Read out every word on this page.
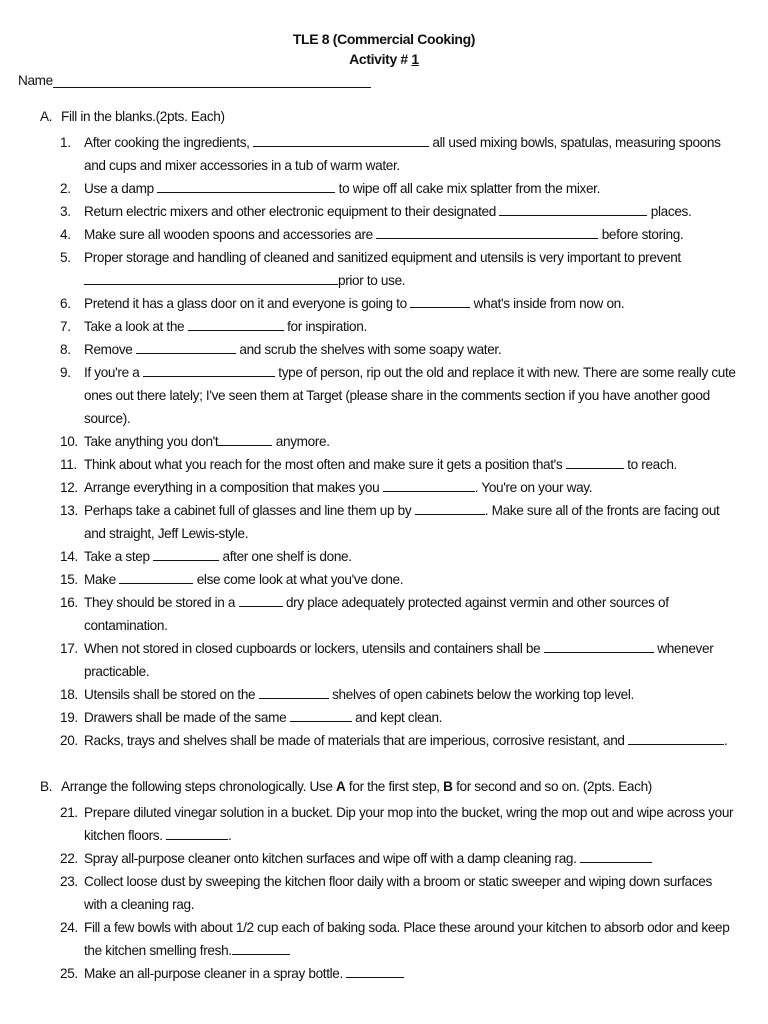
TLE 8 (Commercial Cooking)
Activity # 1
Name
A. Fill in the blanks.(2pts. Each)
1. After cooking the ingredients,	all used mixing bowls, spatulas, measuring spoons and cups and mixer accessories in a tub of warm water.
2. Use a damp	to wipe off all cake mix splatter from the mixer.
3. Return electric mixers and other electronic equipment to their designated	places.
4. Make sure all wooden spoons and accessories are	before storing.
5. Proper storage and handling of cleaned and sanitized equipment and utensils is very important to prevent prior to use.
6. Pretend it has a glass door on it and everyone is going to	what's inside from now on.
7. Take a look at the	for inspiration.
8. Remove	and scrub the shelves with some soapy water.
9. If you're a	type of person, rip out the old and replace it with new. There are some really cute ones out there lately; I've seen them at Target (please share in the comments section if you have another good source).
10. Take anything you don't	anymore.
11. Think about what you reach for the most often and make sure it gets a position that's	to reach.
12. Arrange everything in a composition that makes you	. You're on your way.
13. Perhaps take a cabinet full of glasses and line them up by	. Make sure all of the fronts are facing out and straight, Jeff Lewis-style.
14. Take a step	after one shelf is done.
15. Make	else come look at what you've done.
16. They should be stored in a	dry place adequately protected against vermin and other sources of contamination.
17. When not stored in closed cupboards or lockers, utensils and containers shall be	whenever practicable.
18. Utensils shall be stored on the	shelves of open cabinets below the working top level.
19. Drawers shall be made of the same	and kept clean.
20. Racks, trays and shelves shall be made of materials that are imperious, corrosive resistant, and	.
B. Arrange the following steps chronologically. Use A for the first step, B for second and so on. (2pts. Each)
21. Prepare diluted vinegar solution in a bucket. Dip your mop into the bucket, wring the mop out and wipe across your kitchen floors.	.
22. Spray all-purpose cleaner onto kitchen surfaces and wipe off with a damp cleaning rag.
23. Collect loose dust by sweeping the kitchen floor daily with a broom or static sweeper and wiping down surfaces with a cleaning rag.
24. Fill a few bowls with about 1/2 cup each of baking soda. Place these around your kitchen to absorb odor and keep the kitchen smelling fresh.
25. Make an all-purpose cleaner in a spray bottle.
